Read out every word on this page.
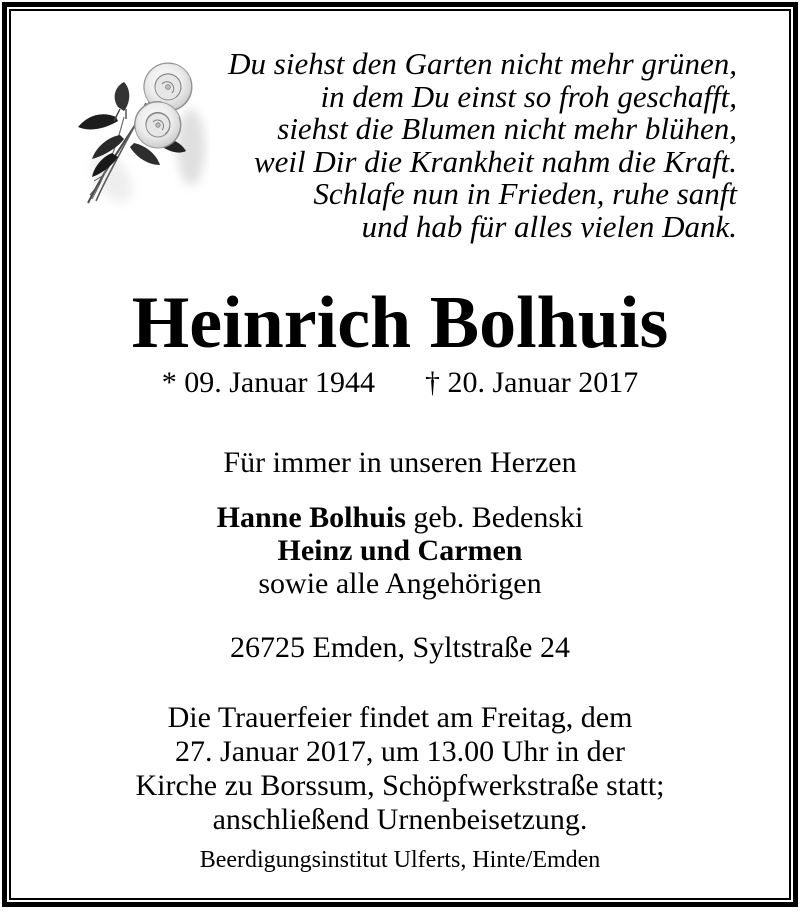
Du siehst den Garten nicht mehr grünen,
in dem Du einst so froh geschafft,
siehst die Blumen nicht mehr blühen,
weil Dir die Krankheit nahm die Kraft.
Schlafe nun in Frieden, ruhe sanft
und hab für alles vielen Dank.
Heinrich Bolhuis
* 09. Januar 1944 † 20. Januar 2017
Für immer in unseren Herzen
Hanne Bolhuis geb. Bedenski
Heinz und Carmen
sowie alle Angehörigen
26725 Emden, Syltstraße 24
Die Trauerfeier findet am Freitag, dem
27. Januar 2017, um 13.00 Uhr in der
Kirche zu Borssum, Schöpfwerkstraße statt;
anschließend Urnenbeisetzung.
Beerdigungsinstitut Ulferts, Hinte/Emden
